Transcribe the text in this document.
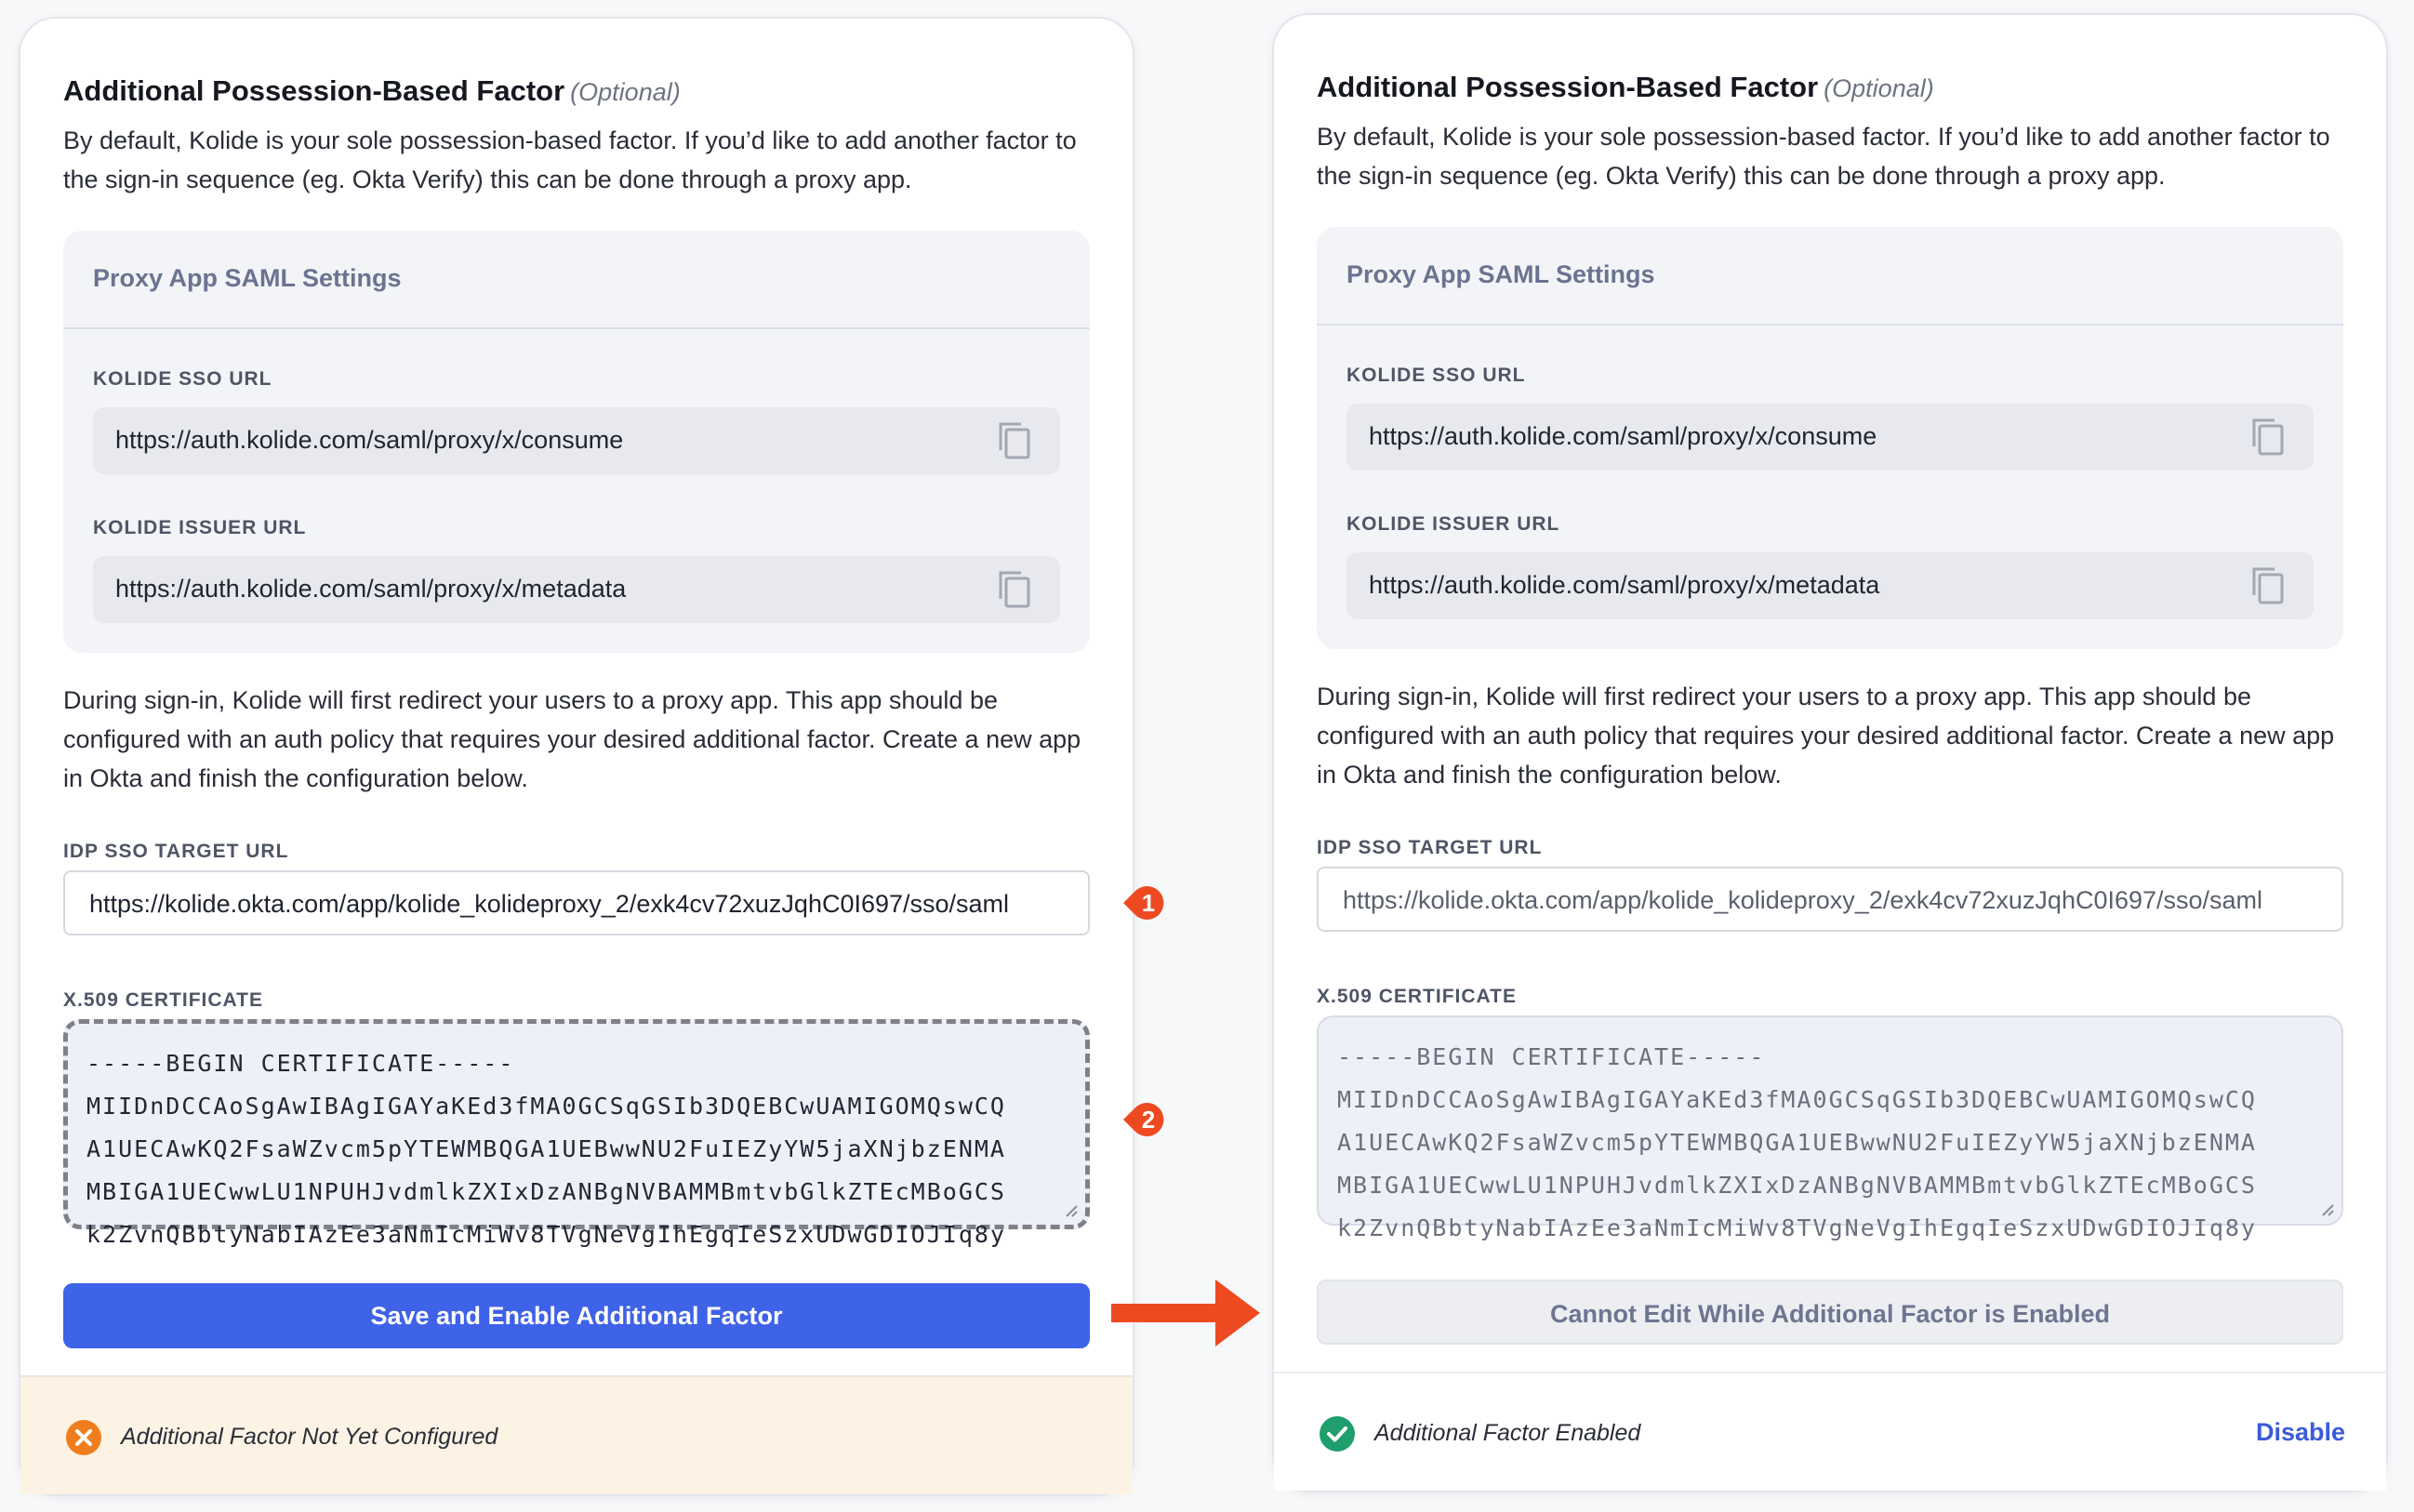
Additional Possession-Based Factor (Optional)
By default, Kolide is your sole possession-based factor. If you’d like to add another factor to the sign-in sequence (eg. Okta Verify) this can be done through a proxy app.
Proxy App SAML Settings
KOLIDE SSO URL
https://auth.kolide.com/saml/proxy/x/consume
KOLIDE ISSUER URL
https://auth.kolide.com/saml/proxy/x/metadata
During sign-in, Kolide will first redirect your users to a proxy app. This app should be configured with an auth policy that requires your desired additional factor. Create a new app in Okta and finish the configuration below.
IDP SSO TARGET URL
https://kolide.okta.com/app/kolide_kolideproxy_2/exk4cv72xuzJqhC0I697/sso/saml
X.509 CERTIFICATE
-----BEGIN CERTIFICATE-----
MIIDnDCCAoSgAwIBAgIGAYaKEd3fMA0GCSqGSIb3DQEBCwUAMIGOMQswCQ
A1UECAwKQ2FsaWZvcm5pYTEWMBQGA1UEBwwNU2FuIEZyYW5jaXNjbzENMA
MBIGA1UECwwLU1NPUHJvdmlkZXIxDzANBgNVBAMMBmtvbGlkZTEcMBoGCS
k2ZvnQBbtyNabIAzEe3aNmIcMiWv8TVgNeVgIhEgqIeSzxUDwGDIOJIq8y
Save and Enable Additional Factor
Additional Factor Not Yet Configured
1
2
Additional Possession-Based Factor (Optional)
By default, Kolide is your sole possession-based factor. If you’d like to add another factor to the sign-in sequence (eg. Okta Verify) this can be done through a proxy app.
Proxy App SAML Settings
KOLIDE SSO URL
https://auth.kolide.com/saml/proxy/x/consume
KOLIDE ISSUER URL
https://auth.kolide.com/saml/proxy/x/metadata
During sign-in, Kolide will first redirect your users to a proxy app. This app should be configured with an auth policy that requires your desired additional factor. Create a new app in Okta and finish the configuration below.
IDP SSO TARGET URL
https://kolide.okta.com/app/kolide_kolideproxy_2/exk4cv72xuzJqhC0I697/sso/saml
X.509 CERTIFICATE
-----BEGIN CERTIFICATE-----
MIIDnDCCAoSgAwIBAgIGAYaKEd3fMA0GCSqGSIb3DQEBCwUAMIGOMQswCQ
A1UECAwKQ2FsaWZvcm5pYTEWMBQGA1UEBwwNU2FuIEZyYW5jaXNjbzENMA
MBIGA1UECwwLU1NPUHJvdmlkZXIxDzANBgNVBAMMBmtvbGlkZTEcMBoGCS
k2ZvnQBbtyNabIAzEe3aNmIcMiWv8TVgNeVgIhEgqIeSzxUDwGDIOJIq8y
Cannot Edit While Additional Factor is Enabled
Additional Factor Enabled	Disable
